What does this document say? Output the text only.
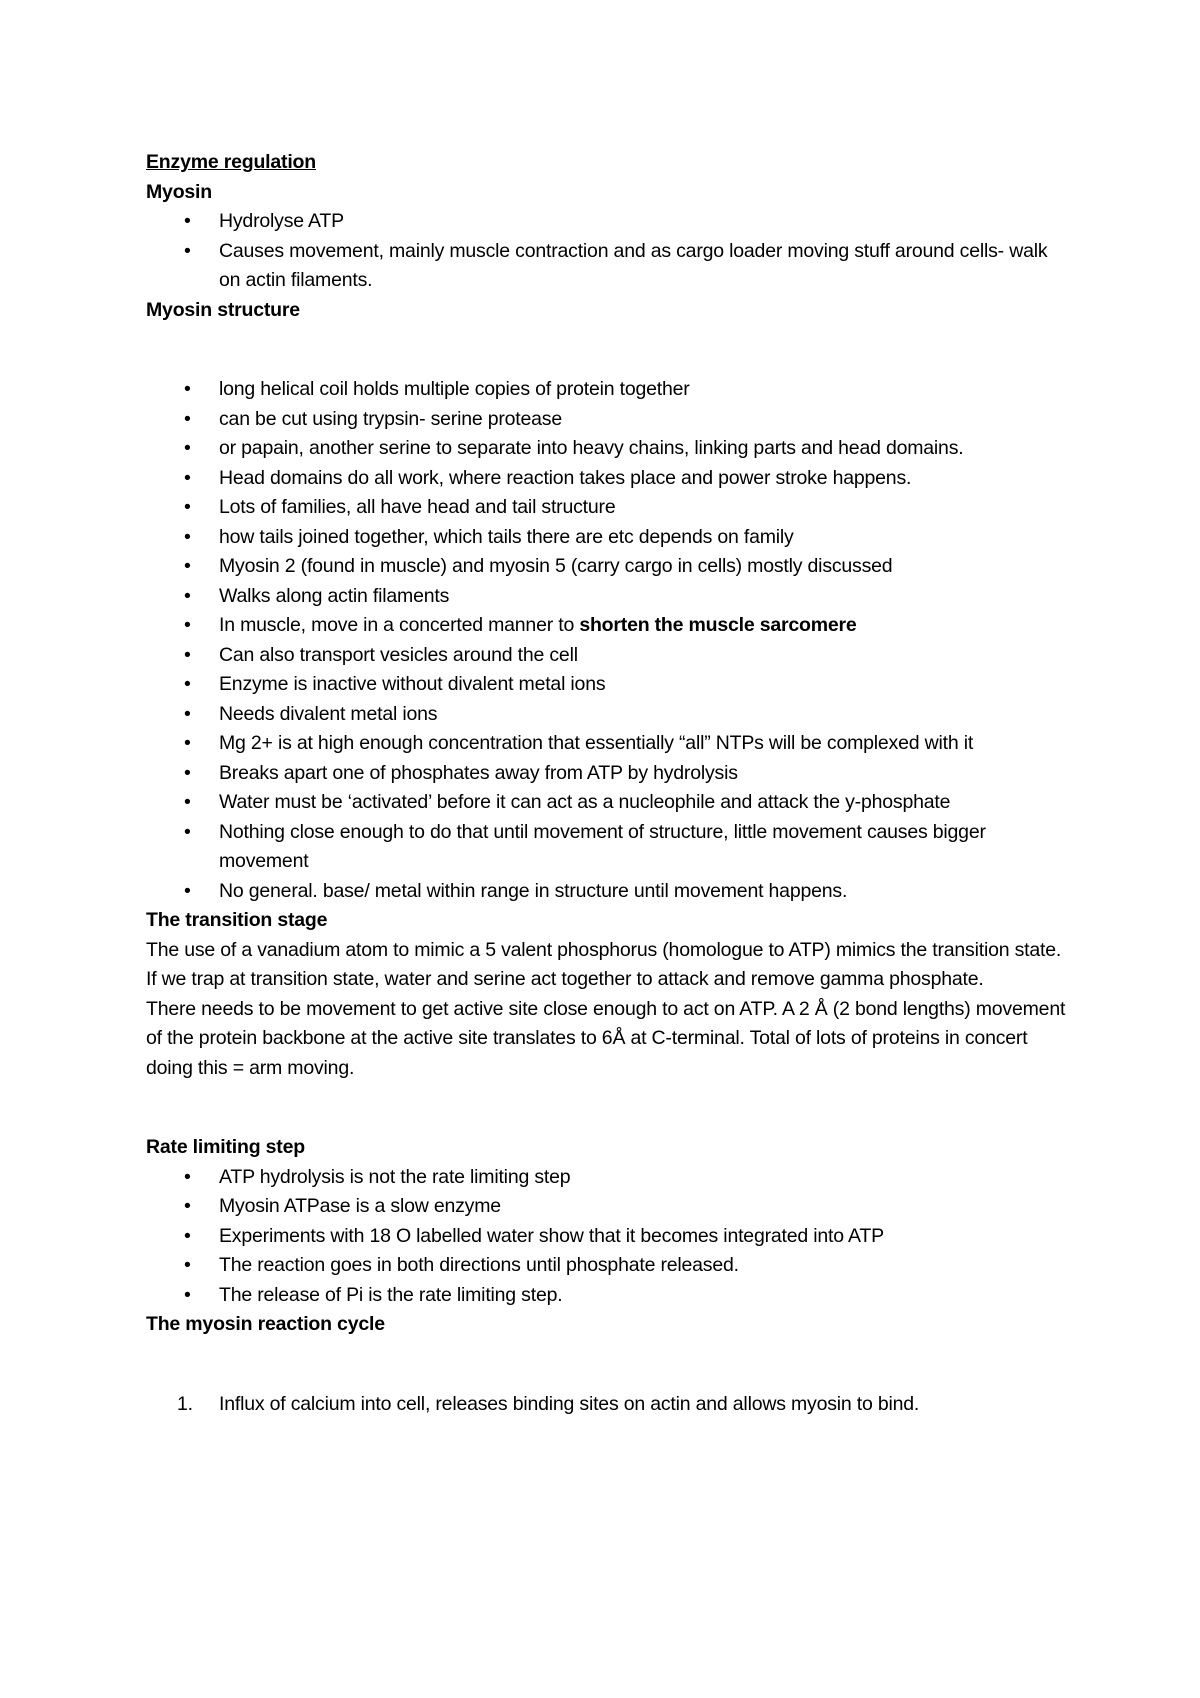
Enzyme regulation

Myosin

• Hydrolyse ATP
• Causes movement, mainly muscle contraction and as cargo loader moving stuff around cells- walk on actin filaments.

Myosin structure

• long helical coil holds multiple copies of protein together
• can be cut using trypsin- serine protease
• or papain, another serine to separate into heavy chains, linking parts and head domains.
• Head domains do all work, where reaction takes place and power stroke happens.
• Lots of families, all have head and tail structure
• how tails joined together, which tails there are etc depends on family
• Myosin 2 (found in muscle) and myosin 5 (carry cargo in cells) mostly discussed
• Walks along actin filaments
• In muscle, move in a concerted manner to shorten the muscle sarcomere
• Can also transport vesicles around the cell
• Enzyme is inactive without divalent metal ions
• Needs divalent metal ions
• Mg 2+ is at high enough concentration that essentially “all” NTPs will be complexed with it
• Breaks apart one of phosphates away from ATP by hydrolysis
• Water must be ‘activated’ before it can act as a nucleophile and attack the y-phosphate
• Nothing close enough to do that until movement of structure, little movement causes bigger movement
• No general. base/ metal within range in structure until movement happens.

The transition stage

The use of a vanadium atom to mimic a 5 valent phosphorus (homologue to ATP) mimics the transition state. If we trap at transition state, water and serine act together to attack and remove gamma phosphate.

There needs to be movement to get active site close enough to act on ATP. A 2 Å (2 bond lengths) movement of the protein backbone at the active site translates to 6Å at C-terminal. Total of lots of proteins in concert doing this = arm moving.

Rate limiting step

• ATP hydrolysis is not the rate limiting step
• Myosin ATPase is a slow enzyme
• Experiments with 18 O labelled water show that it becomes integrated into ATP
• The reaction goes in both directions until phosphate released.
• The release of Pi is the rate limiting step.

The myosin reaction cycle

1. Influx of calcium into cell, releases binding sites on actin and allows myosin to bind.
